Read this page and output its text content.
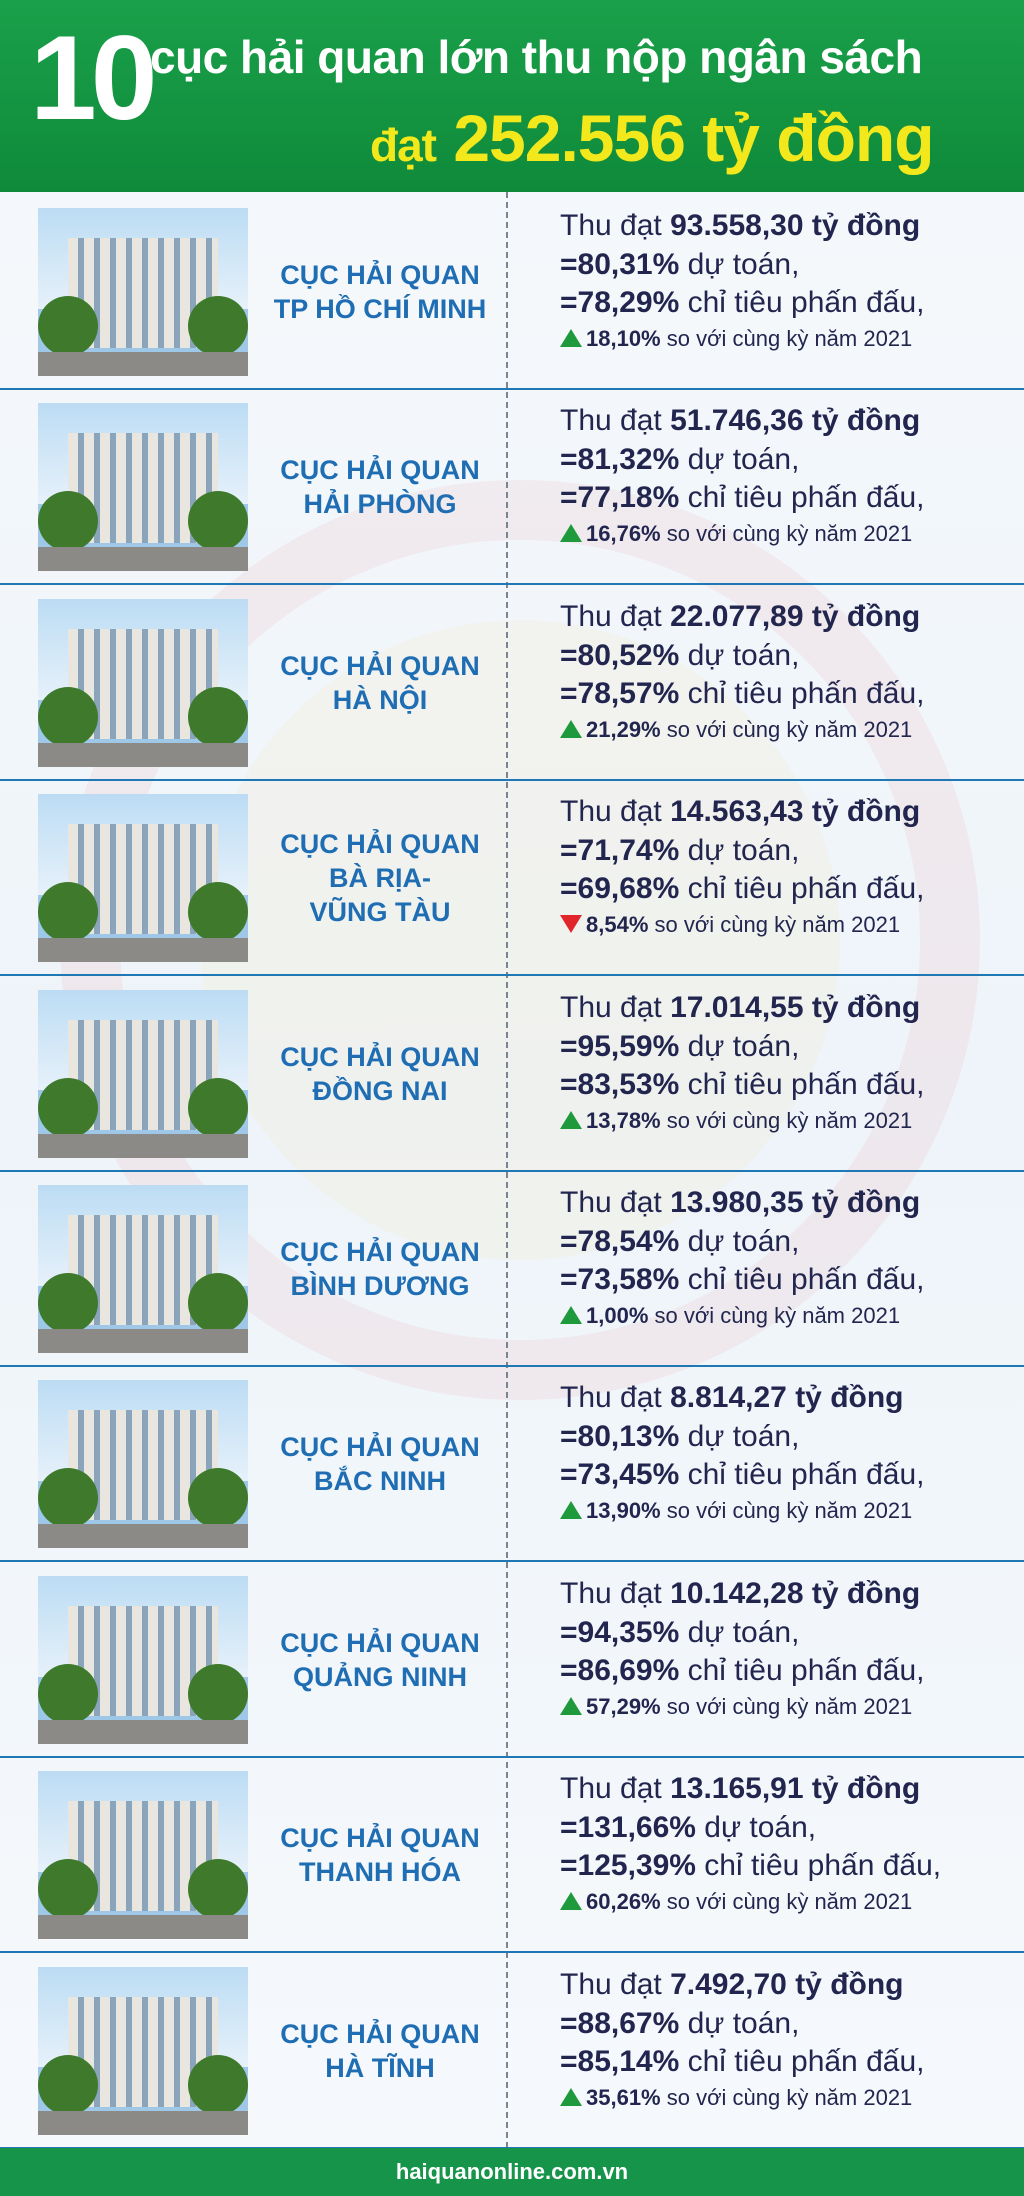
10
cục hải quan lớn thu nộp ngân sách
đạt 252.556 tỷ đồng
CỤC HẢI QUAN
TP HỒ CHÍ MINH
Thu đạt 93.558,30 tỷ đồng
=80,31% dự toán,
=78,29% chỉ tiêu phấn đấu,
18,10% so với cùng kỳ năm 2021
CỤC HẢI QUAN
HẢI PHÒNG
Thu đạt 51.746,36 tỷ đồng
=81,32% dự toán,
=77,18% chỉ tiêu phấn đấu,
16,76% so với cùng kỳ năm 2021
CỤC HẢI QUAN
HÀ NỘI
Thu đạt 22.077,89 tỷ đồng
=80,52% dự toán,
=78,57% chỉ tiêu phấn đấu,
21,29% so với cùng kỳ năm 2021
CỤC HẢI QUAN
BÀ RỊA-
VŨNG TÀU
Thu đạt 14.563,43 tỷ đồng
=71,74% dự toán,
=69,68% chỉ tiêu phấn đấu,
8,54% so với cùng kỳ năm 2021
CỤC HẢI QUAN
ĐỒNG NAI
Thu đạt 17.014,55 tỷ đồng
=95,59% dự toán,
=83,53% chỉ tiêu phấn đấu,
13,78% so với cùng kỳ năm 2021
CỤC HẢI QUAN
BÌNH DƯƠNG
Thu đạt 13.980,35 tỷ đồng
=78,54% dự toán,
=73,58% chỉ tiêu phấn đấu,
1,00% so với cùng kỳ năm 2021
CỤC HẢI QUAN
BẮC NINH
Thu đạt 8.814,27 tỷ đồng
=80,13% dự toán,
=73,45% chỉ tiêu phấn đấu,
13,90% so với cùng kỳ năm 2021
CỤC HẢI QUAN
QUẢNG NINH
Thu đạt 10.142,28 tỷ đồng
=94,35% dự toán,
=86,69% chỉ tiêu phấn đấu,
57,29% so với cùng kỳ năm 2021
CỤC HẢI QUAN
THANH HÓA
Thu đạt 13.165,91 tỷ đồng
=131,66% dự toán,
=125,39% chỉ tiêu phấn đấu,
60,26% so với cùng kỳ năm 2021
CỤC HẢI QUAN
HÀ TĨNH
Thu đạt 7.492,70 tỷ đồng
=88,67% dự toán,
=85,14% chỉ tiêu phấn đấu,
35,61% so với cùng kỳ năm 2021
haiquanonline.com.vn
